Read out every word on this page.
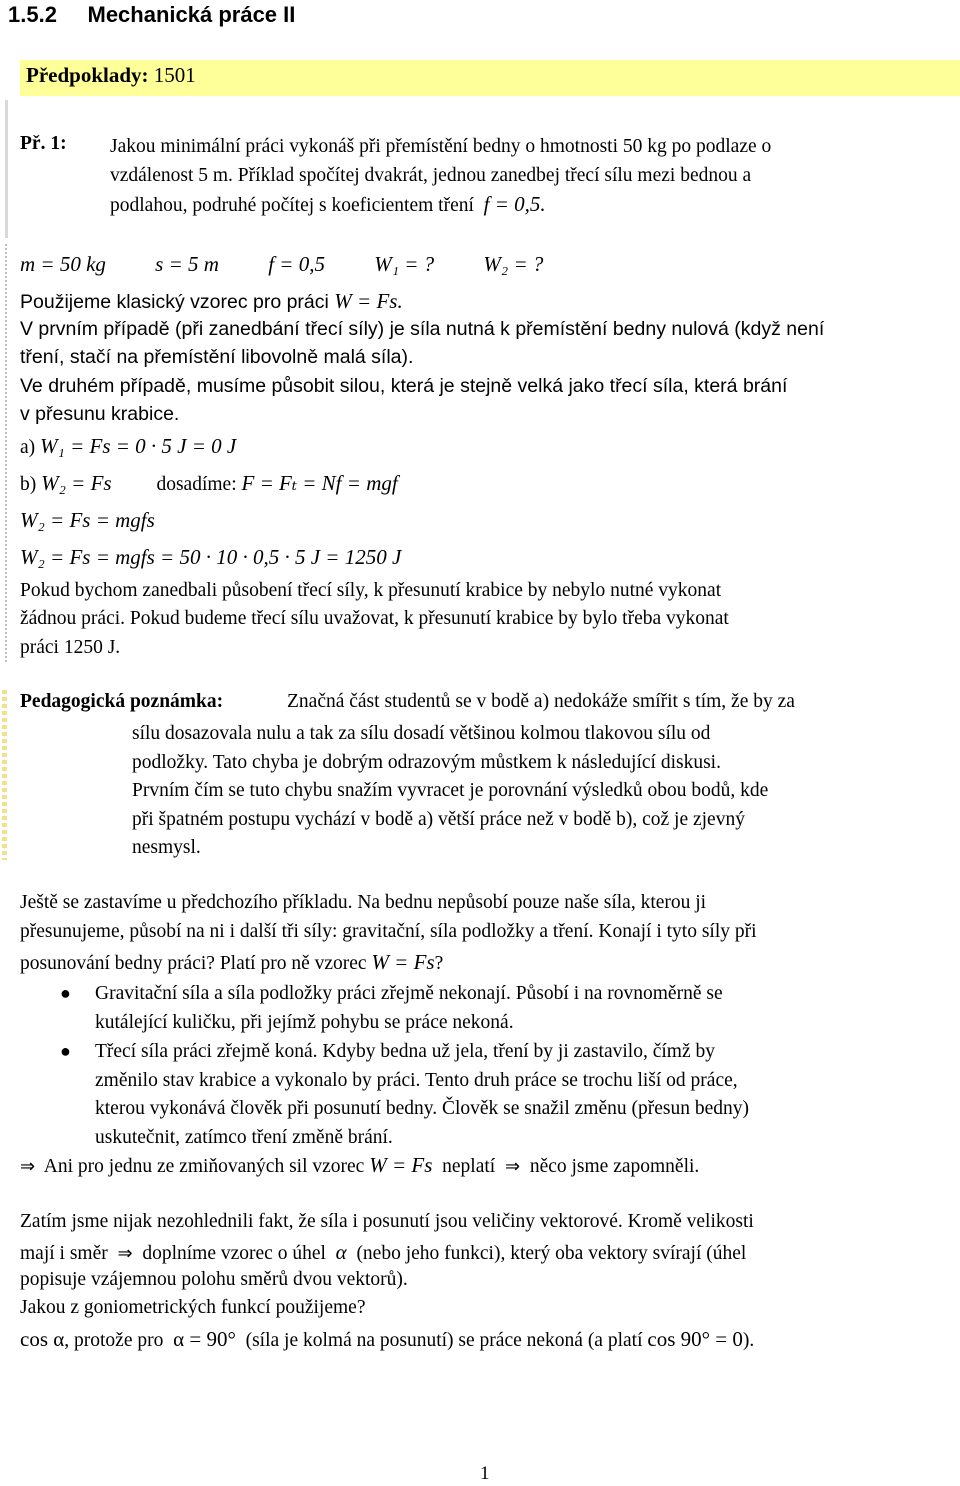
1.5.2 Mechanická práce II
Předpoklady: 1501
Př. 1: Jakou minimální práci vykonáš při přemístění bedny o hmotnosti 50 kg po podlaze o
vzdálenost 5 m. Příklad spočítej dvakrát, jednou zanedbej třecí sílu mezi bednou a
podlahou, podruhé počítej s koeficientem tření f = 0,5.
m = 50 kg s = 5 m f = 0,5 W₁ = ? W₂ = ?
Použijeme klasický vzorec pro práci W = Fs.
V prvním případě (při zanedbání třecí síly) je síla nutná k přemístění bedny nulová (když není
tření, stačí na přemístění libovolně malá síla).
Ve druhém případě, musíme působit silou, která je stejně velká jako třecí síla, která brání
v přesunu krabice.
a) W₁ = Fs = 0 · 5 J = 0 J
b) W₂ = Fs dosadíme: F = Fₜ = Nf = mgf
W₂ = Fs = mgfs
W₂ = Fs = mgfs = 50 · 10 · 0,5 · 5 J = 1250 J
Pokud bychom zanedbali působení třecí síly, k přesunutí krabice by nebylo nutné vykonat
žádnou práci. Pokud budeme třecí sílu uvažovat, k přesunutí krabice by bylo třeba vykonat
práci 1250 J.
Pedagogická poznámka:	Značná část studentů se v bodě a) nedokáže smířit s tím, že by za
sílu dosazovala nulu a tak za sílu dosadí většinou kolmou tlakovou sílu od
podložky. Tato chyba je dobrým odrazovým můstkem k následující diskusi.
Prvním čím se tuto chybu snažím vyvracet je porovnání výsledků obou bodů, kde
při špatném postupu vychází v bodě a) větší práce než v bodě b), což je zjevný
nesmysl.
Ještě se zastavíme u předchozího příkladu. Na bednu nepůsobí pouze naše síla, kterou ji
přesunujeme, působí na ni i další tři síly: gravitační, síla podložky a tření. Konají i tyto síly při
posunování bedny práci? Platí pro ně vzorec W = Fs?
● Gravitační síla a síla podložky práci zřejmě nekonají. Působí i na rovnoměrně se
kutálející kuličku, při jejímž pohybu se práce nekoná.
● Třecí síla práci zřejmě koná. Kdyby bedna už jela, tření by ji zastavilo, čímž by
změnilo stav krabice a vykonalo by práci. Tento druh práce se trochu liší od práce,
kterou vykonává člověk při posunutí bedny. Člověk se snažil změnu (přesun bedny)
uskutečnit, zatímco tření změně brání.
⇒ Ani pro jednu ze zmiňovaných sil vzorec W = Fs neplatí ⇒ něco jsme zapomněli.
Zatím jsme nijak nezohlednili fakt, že síla i posunutí jsou veličiny vektorové. Kromě velikosti
mají i směr ⇒ doplníme vzorec o úhel α (nebo jeho funkci), který oba vektory svírají (úhel
popisuje vzájemnou polohu směrů dvou vektorů).
Jakou z goniometrických funkcí použijeme?
cos α, protože pro α = 90° (síla je kolmá na posunutí) se práce nekoná (a platí cos 90° = 0).
1
